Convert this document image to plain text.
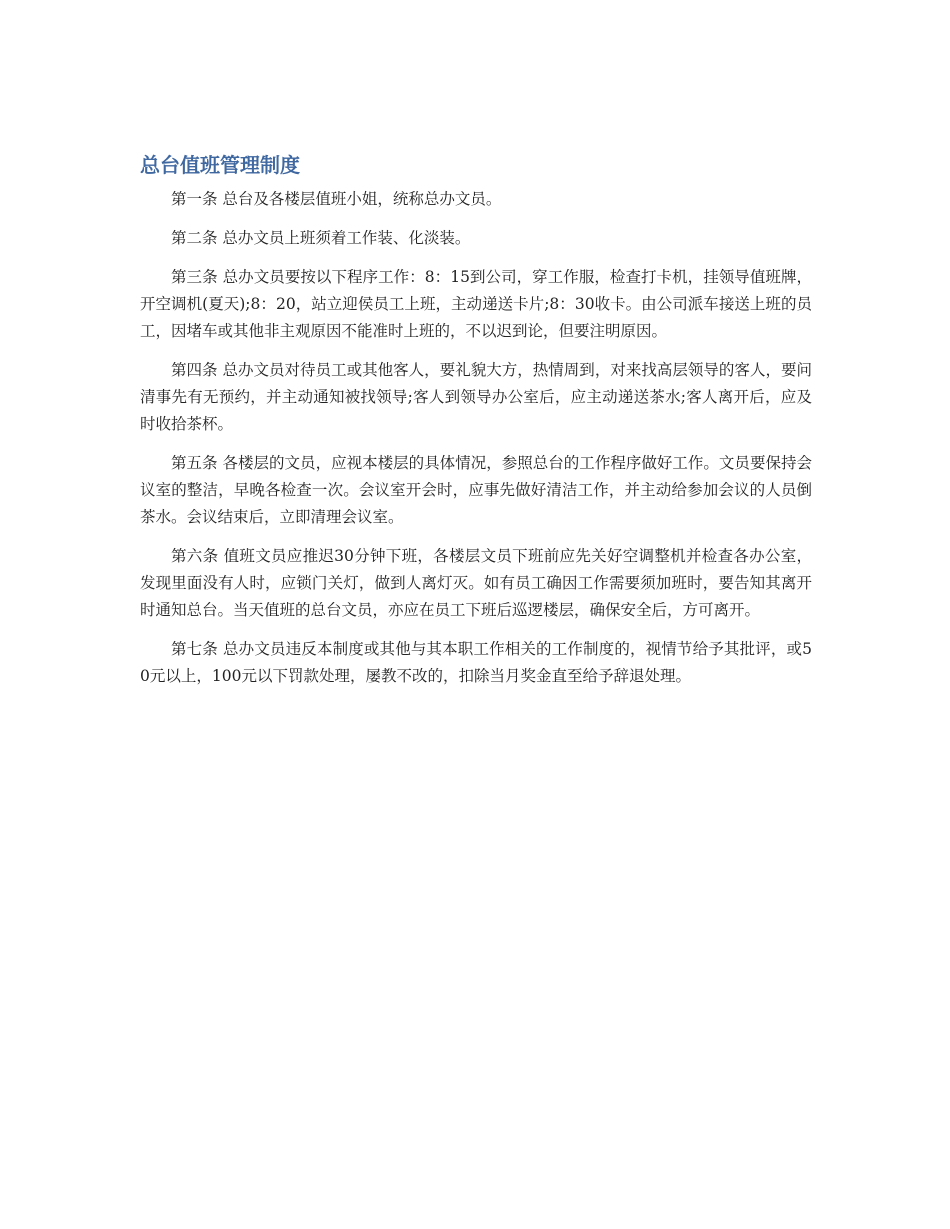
总台值班管理制度

第一条 总台及各楼层值班小姐，统称总办文员。

第二条 总办文员上班须着工作装、化淡装。

第三条 总办文员要按以下程序工作：8：15到公司，穿工作服，检查打卡机，挂领导值班牌，开空调机(夏天);8：20，站立迎侯员工上班，主动递送卡片;8：30收卡。由公司派车接送上班的员工，因堵车或其他非主观原因不能准时上班的，不以迟到论，但要注明原因。

第四条 总办文员对待员工或其他客人，要礼貌大方，热情周到，对来找高层领导的客人，要问清事先有无预约，并主动通知被找领导;客人到领导办公室后，应主动递送茶水;客人离开后，应及时收拾茶杯。

第五条 各楼层的文员，应视本楼层的具体情况，参照总台的工作程序做好工作。文员要保持会议室的整洁，早晚各检查一次。会议室开会时，应事先做好清洁工作，并主动给参加会议的人员倒茶水。会议结束后，立即清理会议室。

第六条 值班文员应推迟30分钟下班，各楼层文员下班前应先关好空调整机并检查各办公室，发现里面没有人时，应锁门关灯，做到人离灯灭。如有员工确因工作需要须加班时，要告知其离开时通知总台。当天值班的总台文员，亦应在员工下班后巡逻楼层，确保安全后，方可离开。

第七条 总办文员违反本制度或其他与其本职工作相关的工作制度的，视情节给予其批评，或50元以上，100元以下罚款处理，屡教不改的，扣除当月奖金直至给予辞退处理。
